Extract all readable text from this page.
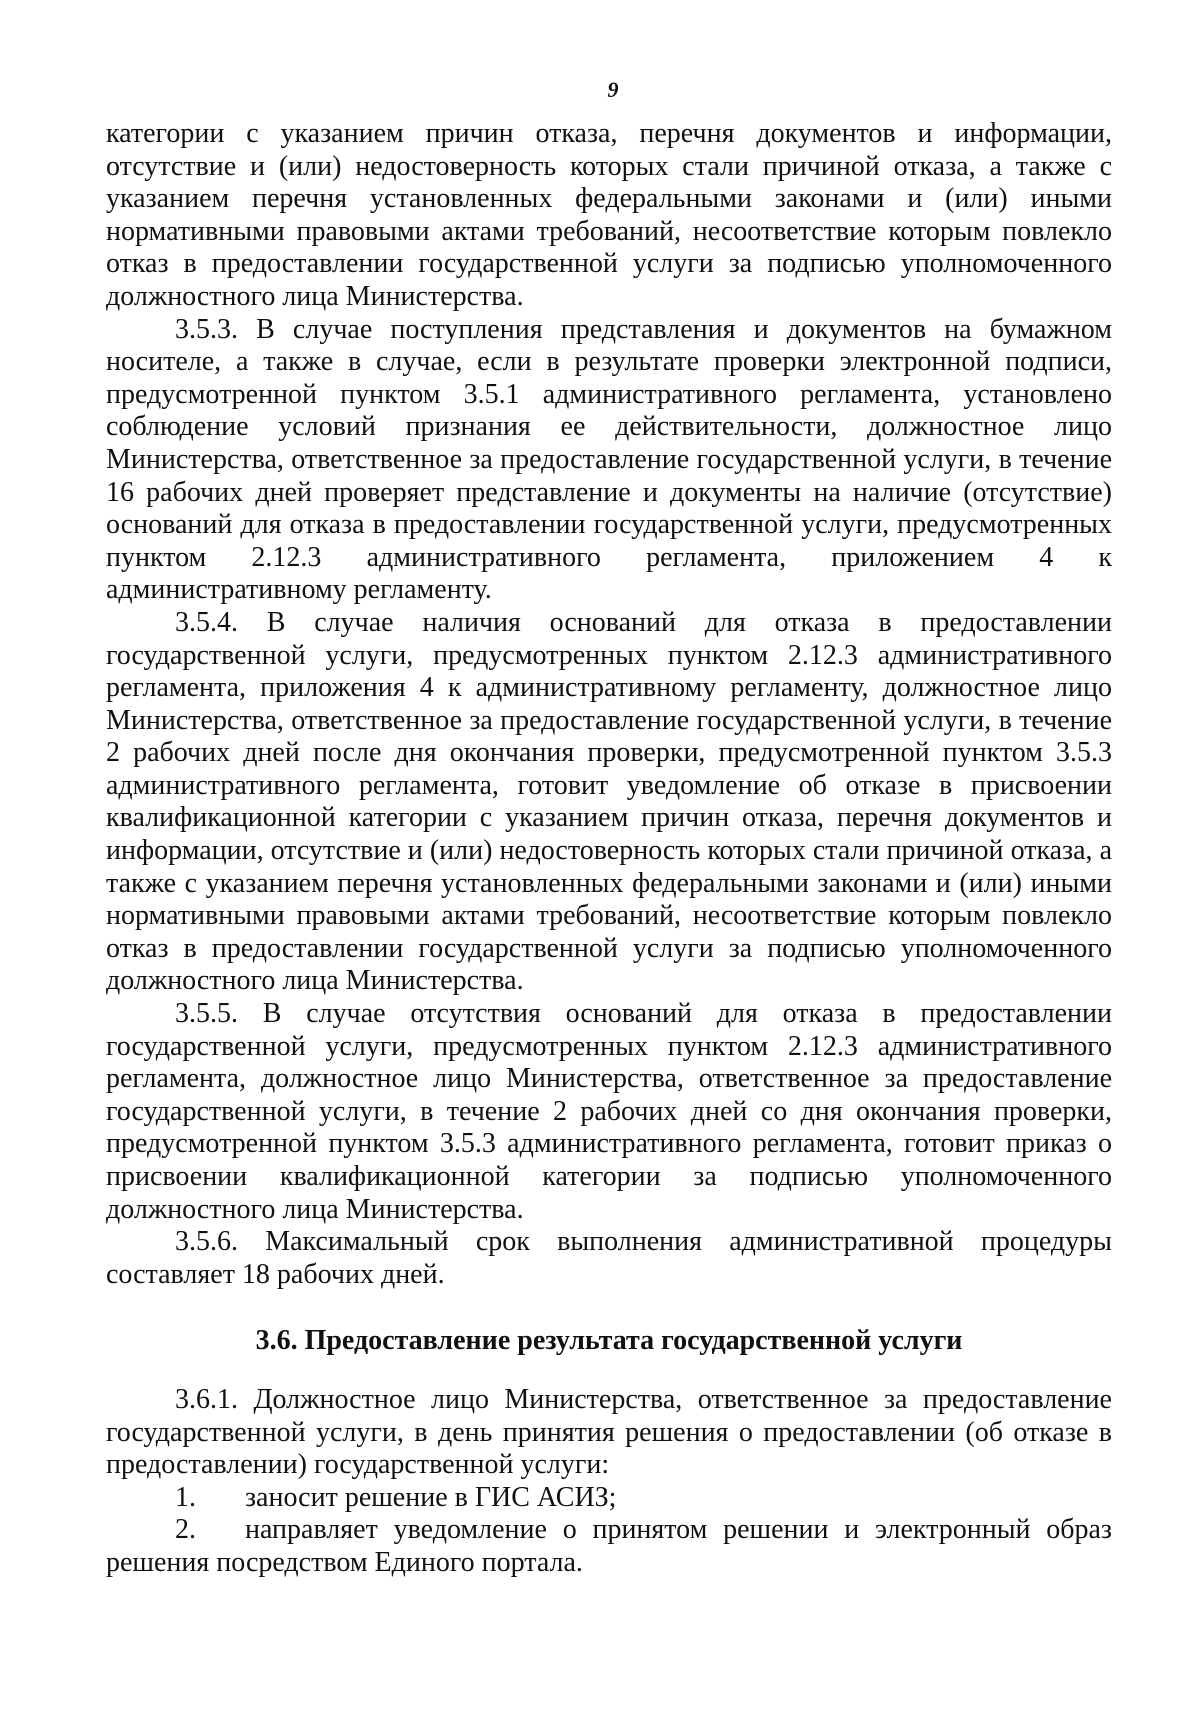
9

категории с указанием причин отказа, перечня документов и информации, отсутствие и (или) недостоверность которых стали причиной отказа, а также с указанием перечня установленных федеральными законами и (или) иными нормативными правовыми актами требований, несоответствие которым повлекло отказ в предоставлении государственной услуги за подписью уполномоченного должностного лица Министерства.

3.5.3. В случае поступления представления и документов на бумажном носителе, а также в случае, если в результате проверки электронной подписи, предусмотренной пунктом 3.5.1 административного регламента, установлено соблюдение условий признания ее действительности, должностное лицо Министерства, ответственное за предоставление государственной услуги, в течение 16 рабочих дней проверяет представление и документы на наличие (отсутствие) оснований для отказа в предоставлении государственной услуги, предусмотренных пунктом 2.12.3 административного регламента, приложением 4 к административному регламенту.

3.5.4. В случае наличия оснований для отказа в предоставлении государственной услуги, предусмотренных пунктом 2.12.3 административного регламента, приложения 4 к административному регламенту, должностное лицо Министерства, ответственное за предоставление государственной услуги, в течение 2 рабочих дней после дня окончания проверки, предусмотренной пунктом 3.5.3 административного регламента, готовит уведомление об отказе в присвоении квалификационной категории с указанием причин отказа, перечня документов и информации, отсутствие и (или) недостоверность которых стали причиной отказа, а также с указанием перечня установленных федеральными законами и (или) иными нормативными правовыми актами требований, несоответствие которым повлекло отказ в предоставлении государственной услуги за подписью уполномоченного должностного лица Министерства.

3.5.5. В случае отсутствия оснований для отказа в предоставлении государственной услуги, предусмотренных пунктом 2.12.3 административного регламента, должностное лицо Министерства, ответственное за предоставление государственной услуги, в течение 2 рабочих дней со дня окончания проверки, предусмотренной пунктом 3.5.3 административного регламента, готовит приказ о присвоении квалификационной категории за подписью уполномоченного должностного лица Министерства.

3.5.6. Максимальный срок выполнения административной процедуры составляет 18 рабочих дней.

3.6. Предоставление результата государственной услуги

3.6.1. Должностное лицо Министерства, ответственное за предоставление государственной услуги, в день принятия решения о предоставлении (об отказе в предоставлении) государственной услуги:

1. заносит решение в ГИС АСИЗ;

2. направляет уведомление о принятом решении и электронный образ решения посредством Единого портала.
